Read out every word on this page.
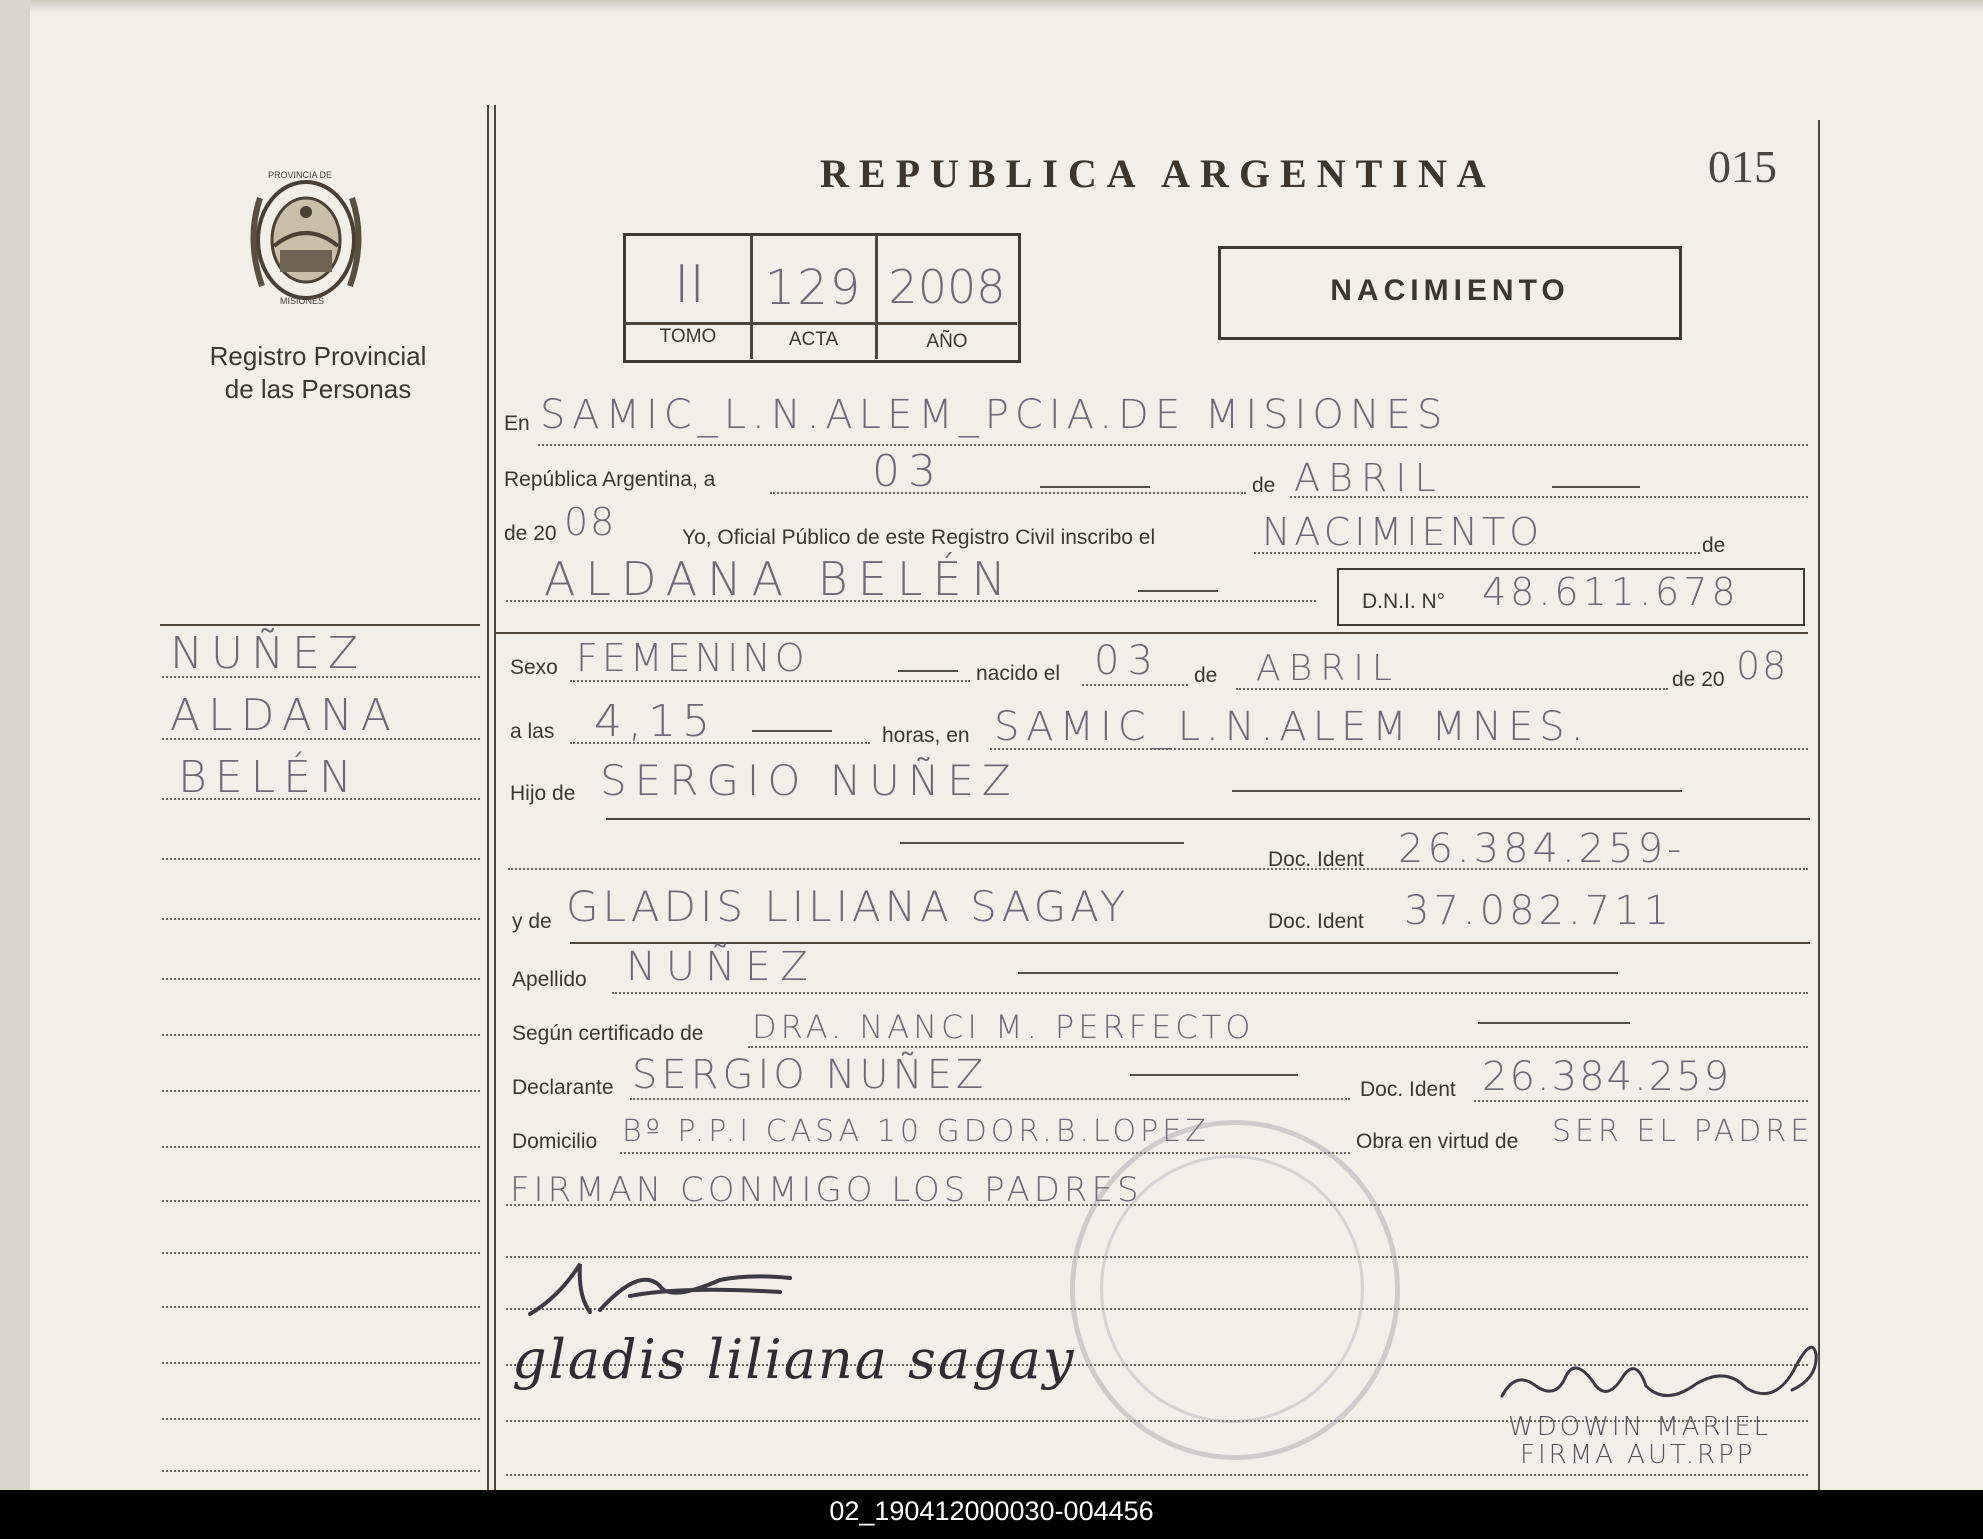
PROVINCIA DE
MISIONES
Registro Provincial
de las Personas
REPUBLICA ARGENTINA	015
II	129 2008
TOMO	ACTA	AÑO
NACIMIENTO
NUÑEZ
ALDANA
BELÉN
En SAMIC_L.N.ALEM_PCIA.DE MISIONES
República Argentina, a	03	de ABRIL
de 20 08	Yo, Oficial Público de este Registro Civil inscribo el	NACIMIENTO	de
ALDANA BELÉN	D.N.I. N° 48.611.678
Sexo FEMENINO	nacido el 03 de ABRIL	de 20 08
a las 4,15	horas, en SAMIC_L.N.ALEM MNES.
Hijo de SERGIO NUÑEZ
Doc. Ident 26.384.259-
y de GLADIS LILIANA SAGAY	Doc. Ident 37.082.711
Apellido NUÑEZ
Según certificado de DRA. NANCI M. PERFECTO
Declarante SERGIO NUÑEZ	Doc. Ident 26.384.259
Domicilio Bº P.P.I CASA 10 GDOR.B.LOPEZ	Obra en virtud de SER EL PADRE
FIRMAN CONMIGO LOS PADRES
gladis liliana sagay
WDOWIN MARIEL
FIRMA AUT.RPP
02_190412000030-004456
